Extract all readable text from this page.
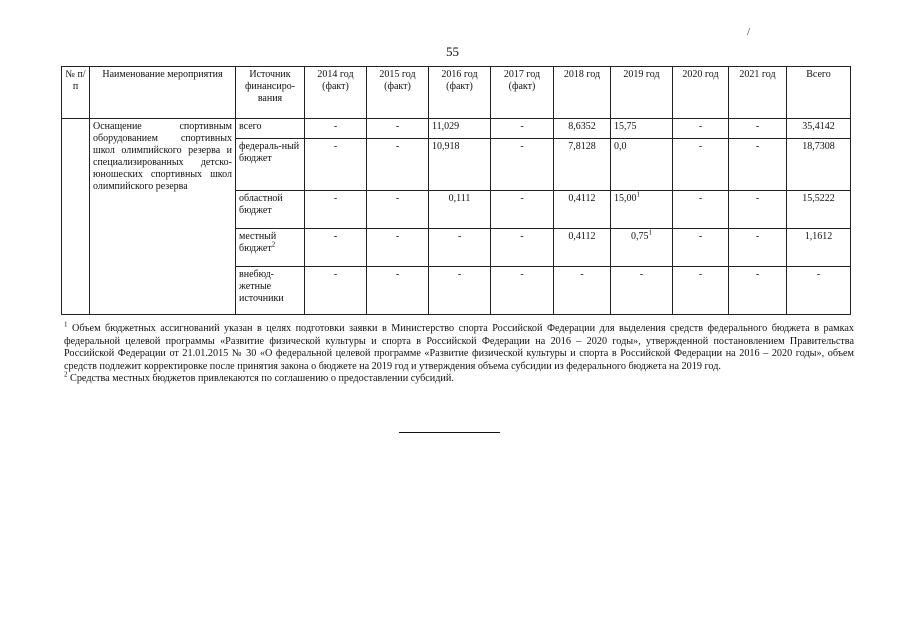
55
/
№ п/п	Наименование мероприятия	Источник финансиро-вания	2014 год (факт)	2015 год (факт)	2016 год (факт)	2017 год (факт)	2018 год	2019 год	2020 год	2021 год	Всего
	Оснащение спортивным оборудованием спортивных школ олимпийского резерва и специализированных детско-юношеских спортивных школ олимпийского резерва	всего	-	-	11,029	-	8,6352	15,75	-	-	35,4142
		федераль-ный бюджет	-	-	10,918	-	7,8128	0,0	-	-	18,7308
		областной бюджет	-	-	0,111	-	0,4112	15,00$^1$	-	-	15,5222
		местный бюджет$^2$	-	-	-	-	0,4112	0,75$^1$	-	-	1,1612
		внебюд-жетные источники	-	-	-	-	-	-	-	-	-

$^1$ Объем бюджетных ассигнований указан в целях подготовки заявки в Министерство спорта Российской Федерации для выделения средств федерального бюджета в рамках федеральной целевой программы «Развитие физической культуры и спорта в Российской Федерации на 2016 – 2020 годы», утвержденной постановлением Правительства Российской Федерации от 21.01.2015 № 30 «О федеральной целевой программе «Развитие физической культуры и спорта в Российской Федерации на 2016 – 2020 годы», объем средств подлежит корректировке после принятия закона о бюджете на 2019 год и утверждения объема субсидии из федерального бюджета на 2019 год.

$^2$ Средства местных бюджетов привлекаются по соглашению о предоставлении субсидий.
